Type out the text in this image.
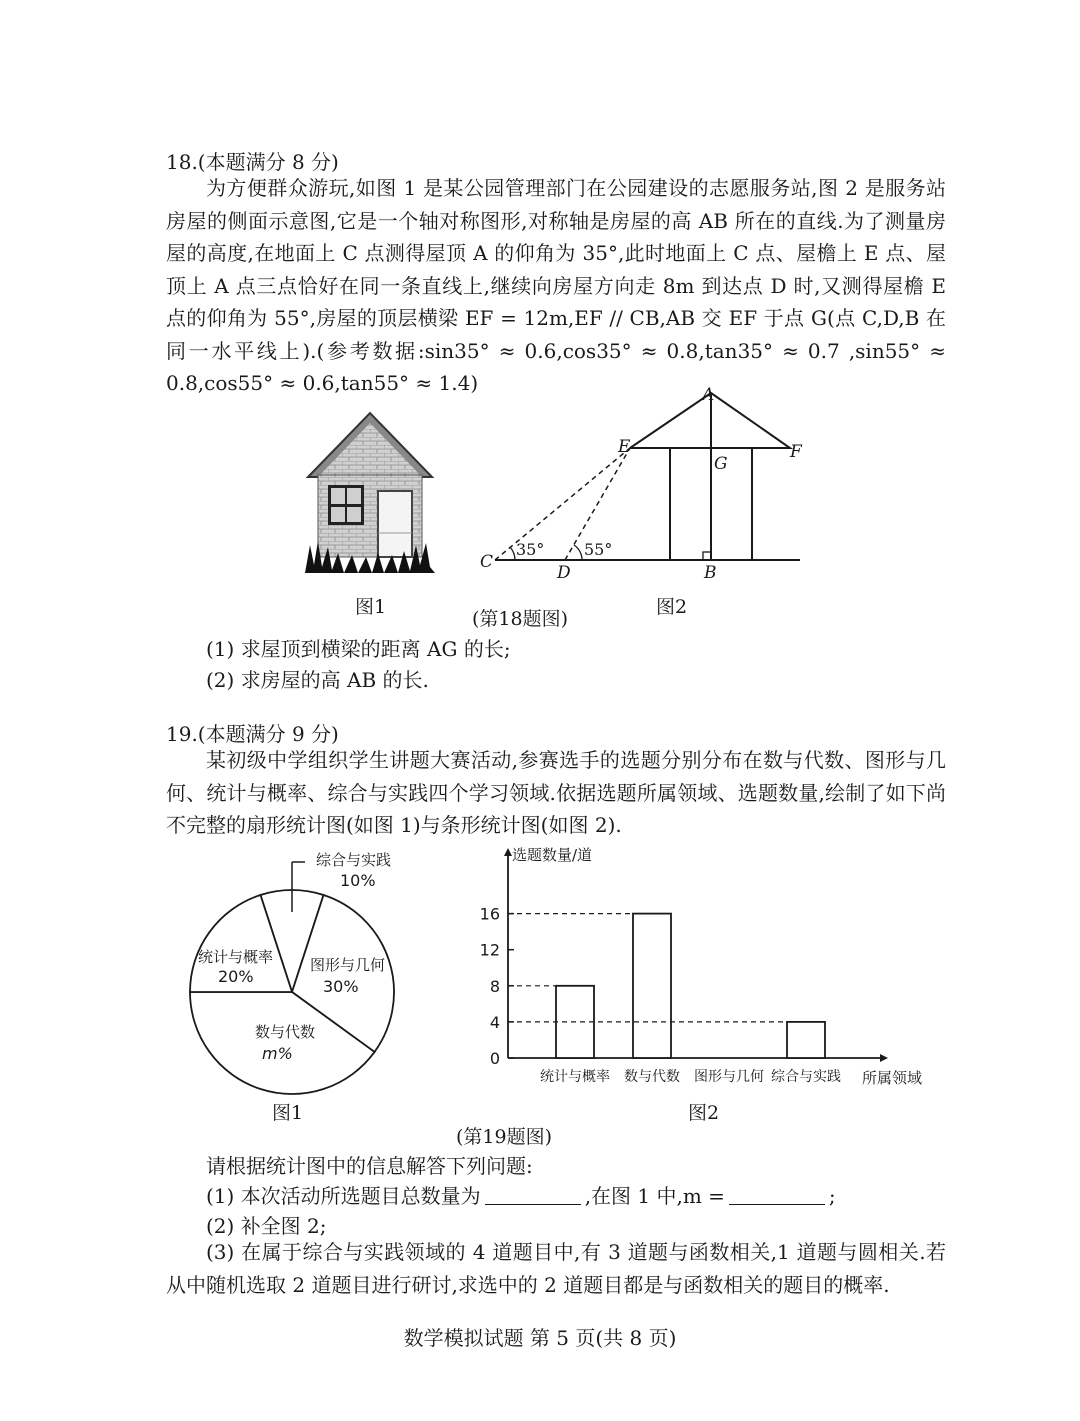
18.(本题满分 8 分)

为方便群众游玩,如图 1 是某公园管理部门在公园建设的志愿服务站,图 2 是服务站房屋的侧面示意图,它是一个轴对称图形,对称轴是房屋的高 AB 所在的直线.为了测量房屋的高度,在地面上 C 点测得屋顶 A 的仰角为 35°,此时地面上 C 点、屋檐上 E 点、屋顶上 A 点三点恰好在同一条直线上,继续向房屋方向走 8m 到达点 D 时,又测得屋檐 E 点的仰角为 55°,房屋的顶层横梁 EF = 12m,EF // CB,AB 交 EF 于点 G(点 C,D,B 在同一水平线上).(参考数据:sin35° ≈ 0.6,cos35° ≈ 0.8,tan35° ≈ 0.7 ,sin55° ≈ 0.8,cos55° ≈ 0.6,tan55° ≈ 1.4)

图1
A
E	F
G
C
D	B
35° 55°
图2
(第18题图)
(1) 求屋顶到横梁的距离 AG 的长;
(2) 求房屋的高 AB 的长.
19.(本题满分 9 分)

某初级中学组织学生讲题大赛活动,参赛选手的选题分别分布在数与代数、图形与几何、统计与概率、综合与实践四个学习领域.依据选题所属领域、选题数量,绘制了如下尚不完整的扇形统计图(如图 1)与条形统计图(如图 2).

综合与实践
10%
图形与几何
30%
数与代数
m%
统计与概率
20%
图1
0
4
8
12
16
统计与概率 数与代数 图形与几何 综合与实践
选题数量/道
所属领域
图2
(第19题图)
请根据统计图中的信息解答下列问题:
(1) 本次活动所选题目总数量为	,在图 1 中,m =	;
(2) 补全图 2;

(3) 在属于综合与实践领域的 4 道题目中,有 3 道题与函数相关,1 道题与圆相关.若从中随机选取 2 道题目进行研讨,求选中的 2 道题目都是与函数相关的题目的概率.

数学模拟试题 第 5 页(共 8 页)
